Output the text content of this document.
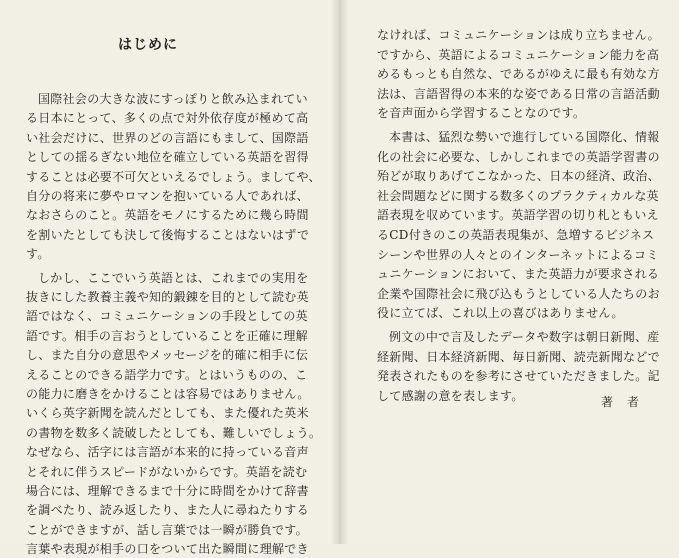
はじめに
国際社会の大きな波にすっぽりと飲み込まれてい
る日本にとって、多くの点で対外依存度が極めて高
い社会だけに、世界のどの言語にもまして、国際語
としての揺るぎない地位を確立している英語を習得
することは必要不可欠といえるでしょう。ましてや、
自分の将来に夢やロマンを抱いている人であれば、
なおさらのこと。英語をモノにするために幾ら時間
を割いたとしても決して後悔することはないはずで
す。
しかし、ここでいう英語とは、これまでの実用を
抜きにした教養主義や知的鍛錬を目的として読む英
語ではなく、コミュニケーションの手段としての英
語です。相手の言おうとしていることを正確に理解
し、また自分の意思やメッセージを的確に相手に伝
えることのできる語学力です。とはいうものの、こ
の能力に磨きをかけることは容易ではありません。
いくら英字新聞を読んだとしても、また優れた英米
の書物を数多く読破したとしても、難しいでしょう。
なぜなら、活字には言語が本来的に持っている音声
とそれに伴うスピードがないからです。英語を読む
場合には、理解できるまで十分に時間をかけて辞書
を調べたり、読み返したり、また人に尋ねたりする
ことができますが、話し言葉では一瞬が勝負です。
言葉や表現が相手の口をついて出た瞬間に理解でき
なければ、コミュニケーションは成り立ちません。
ですから、英語によるコミュニケーション能力を高
めるもっとも自然な、であるがゆえに最も有効な方
法は、言語習得の本来的な姿である日常の言語活動
を音声面から学習することなのです。
本書は、猛烈な勢いで進行している国際化、情報
化の社会に必要な、しかしこれまでの英語学習書の
殆どが取りあげてこなかった、日本の経済、政治、
社会問題などに関する数多くのプラクティカルな英
語表現を収めています。英語学習の切り札ともいえ
るCD付きのこの英語表現集が、急増するビジネス
シーンや世界の人々とのインターネットによるコミ
ュニケーションにおいて、また英語力が要求される
企業や国際社会に飛び込もうとしている人たちのお
役に立てば、これ以上の喜びはありません。
例文の中で言及したデータや数字は朝日新聞、産
経新聞、日本経済新聞、毎日新聞、読売新聞などで
発表されたものを参考にさせていただきました。記
して感謝の意を表します。	著者
